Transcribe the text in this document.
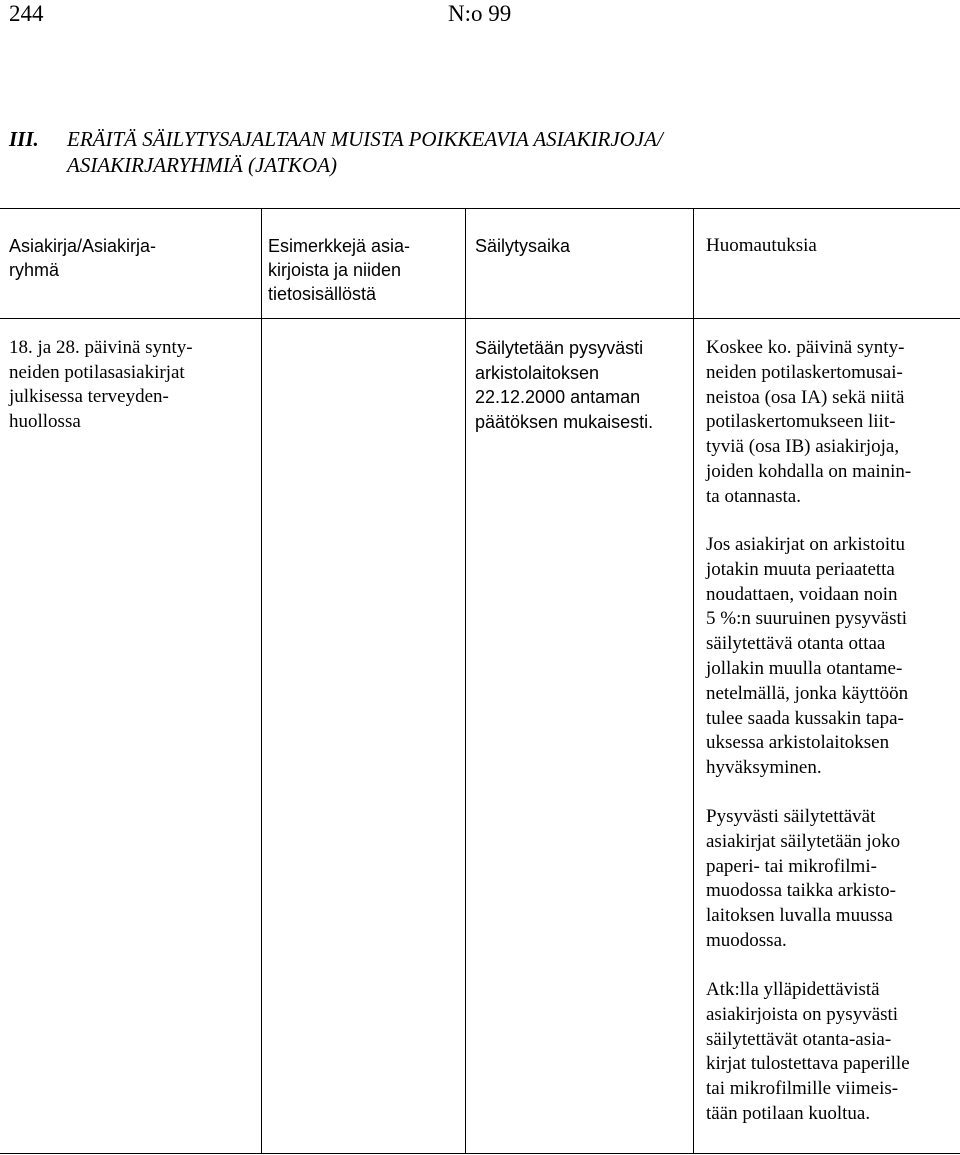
244	N:o 99

III. ERÄITÄ SÄILYTYSAJALTAAN MUISTA POIKKEAVIA ASIAKIRJOJA/
ASIAKIRJARYHMIÄ (JATKOA)
Asiakirja/Asiakirja-
ryhmä
Esimerkkejä asia-
kirjoista ja niiden
tietosisällöstä
Säilytysaika	Huomautuksia
18. ja 28. päivinä synty-
neiden potilasasiakirjat
julkisessa terveyden-
huollossa
Säilytetään pysyvästi
arkistolaitoksen
22.12.2000 antaman
päätöksen mukaisesti.
Koskee ko. päivinä synty-
neiden potilaskertomusai-
neistoa (osa IA) sekä niitä
potilaskertomukseen liit-
tyviä (osa IB) asiakirjoja,
joiden kohdalla on mainin-
ta otannasta.
Jos asiakirjat on arkistoitu
jotakin muuta periaatetta
noudattaen, voidaan noin
5 %:n suuruinen pysyvästi
säilytettävä otanta ottaa
jollakin muulla otantame-
netelmällä, jonka käyttöön
tulee saada kussakin tapa-
uksessa arkistolaitoksen
hyväksyminen.
Pysyvästi säilytettävät
asiakirjat säilytetään joko
paperi- tai mikrofilmi-
muodossa taikka arkisto-
laitoksen luvalla muussa
muodossa.
Atk:lla ylläpidettävistä
asiakirjoista on pysyvästi
säilytettävät otanta-asia-
kirjat tulostettava paperille
tai mikrofilmille viimeis-
tään potilaan kuoltua.
